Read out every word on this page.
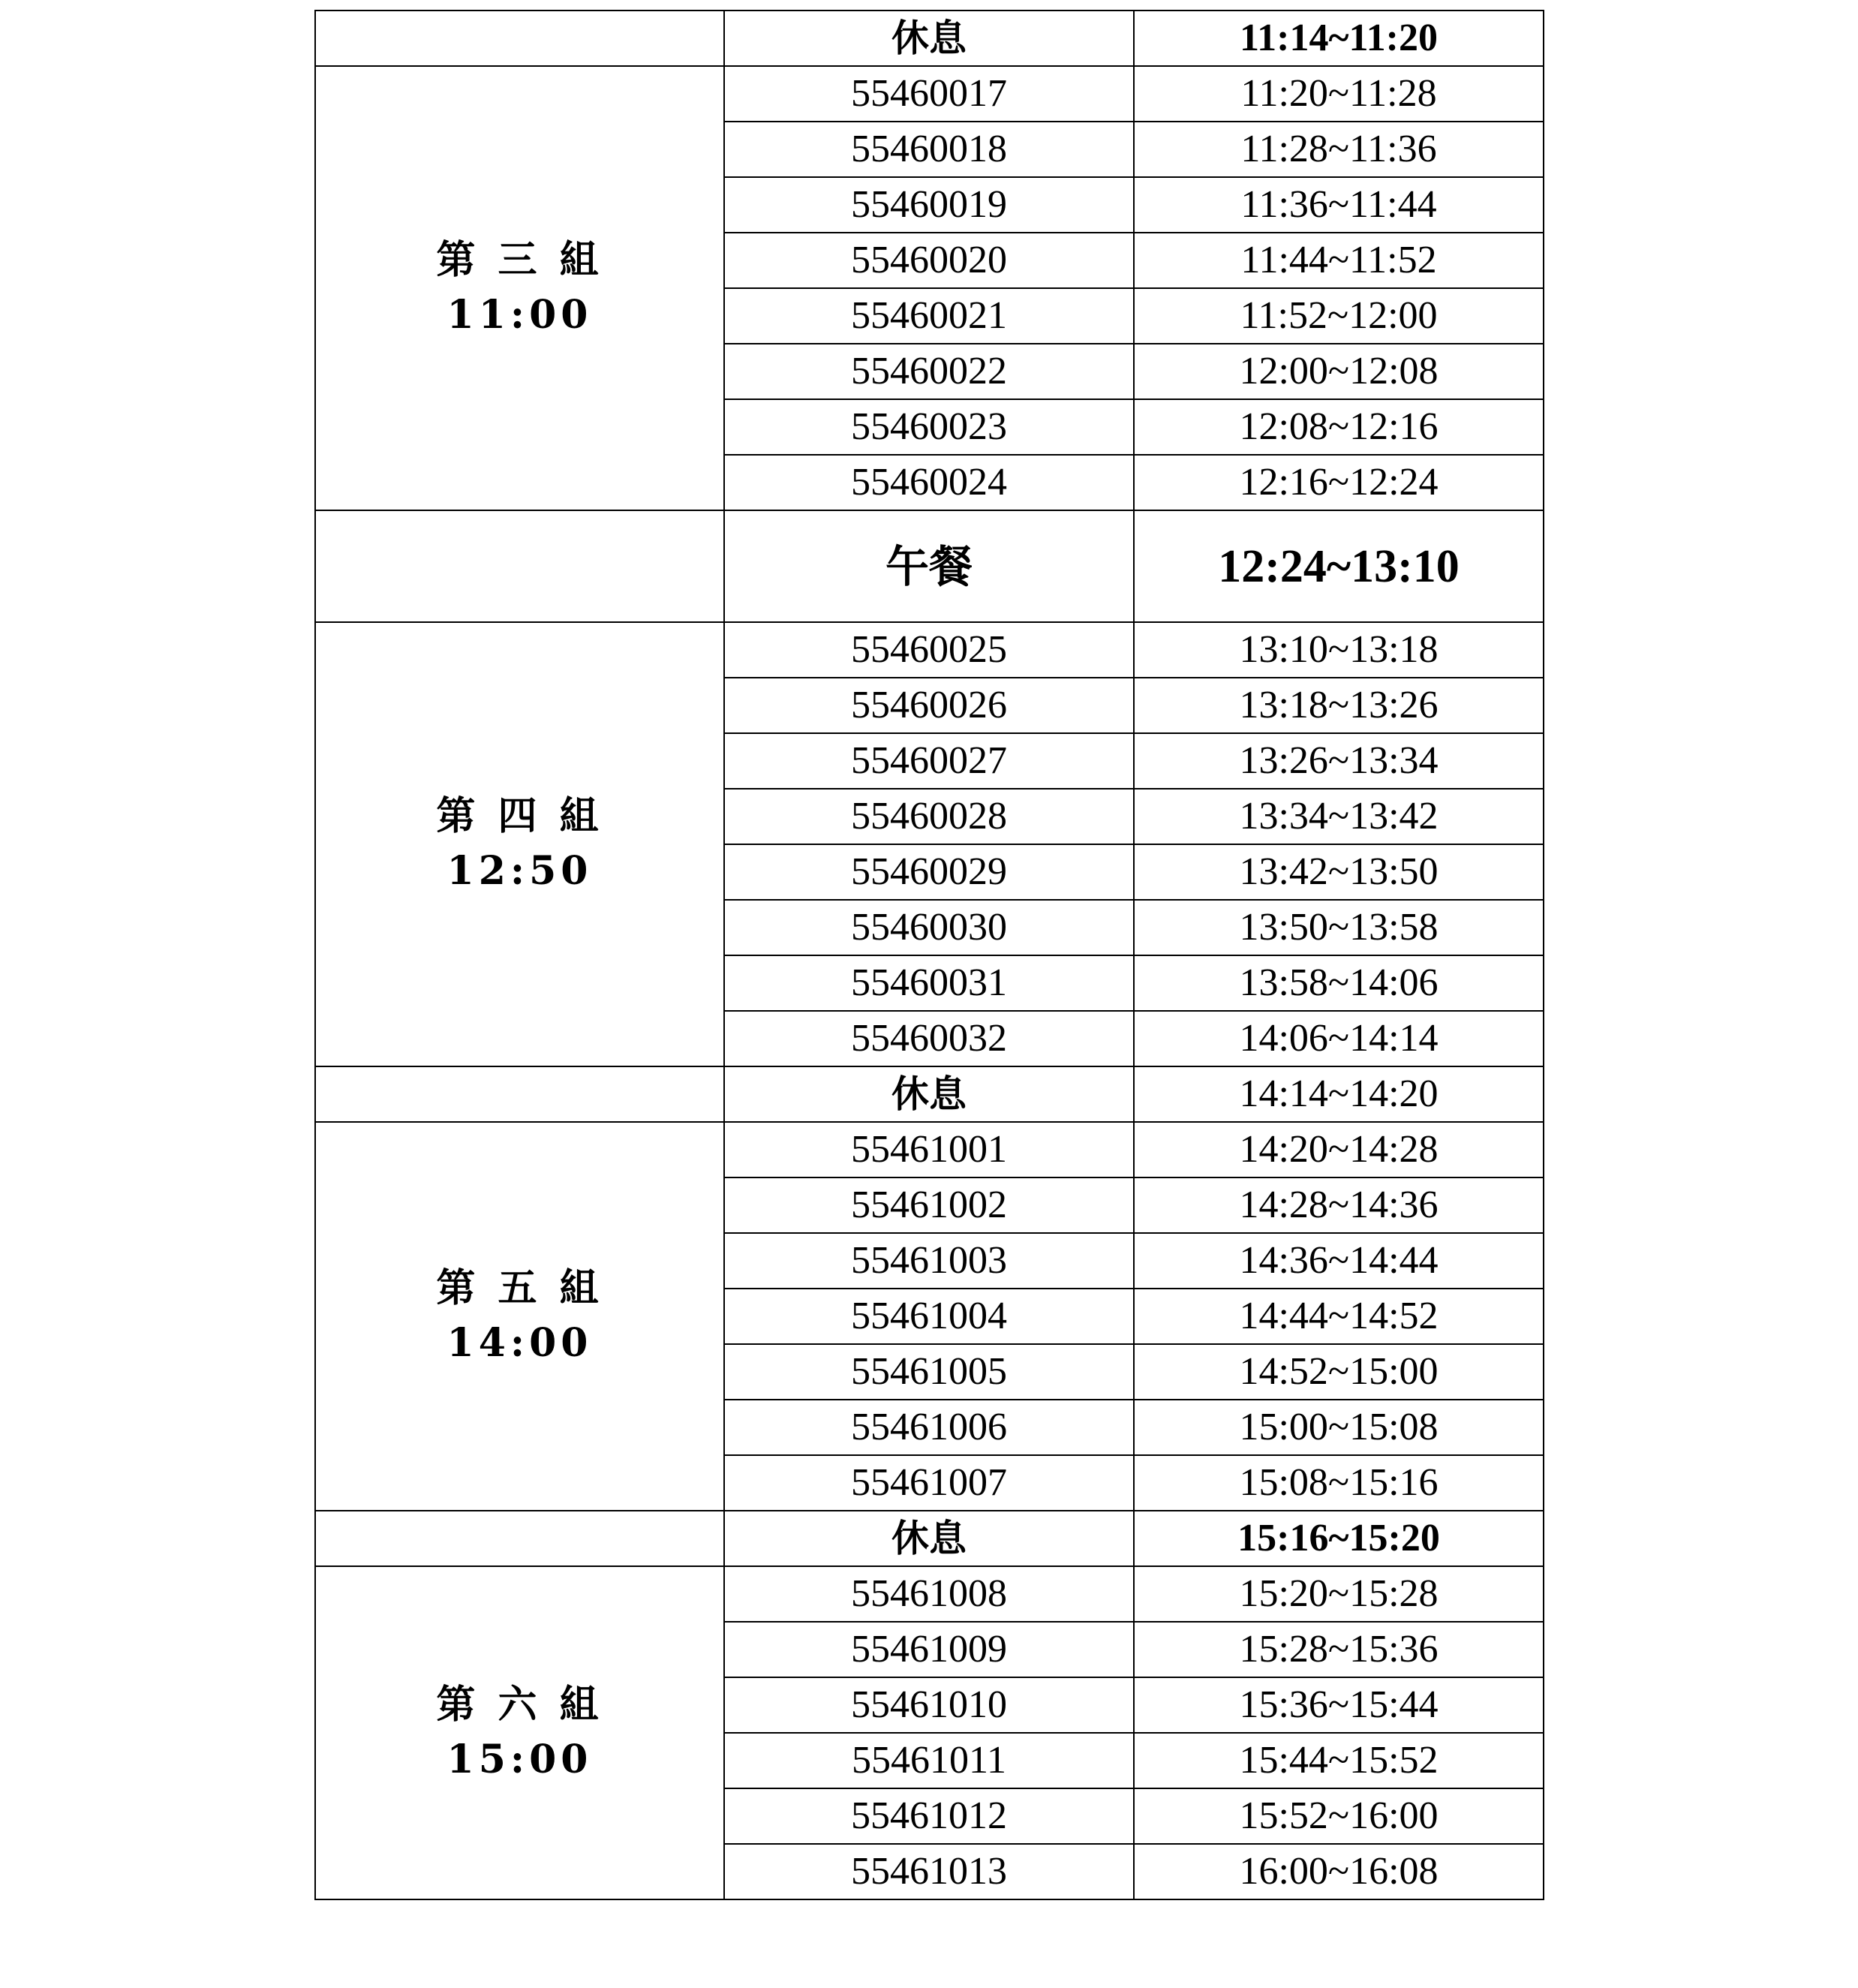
	休息	11:14~11:20

第 三 組
11:00	55460017	11:20~11:28
	55460018	11:28~11:36
	55460019	11:36~11:44
	55460020	11:44~11:52
	55460021	11:52~12:00
	55460022	12:00~12:08
	55460023	12:08~12:16
	55460024	12:16~12:24
	午餐	12:24~13:10

第 四 組
12:50	55460025	13:10~13:18
	55460026	13:18~13:26
	55460027	13:26~13:34
	55460028	13:34~13:42
	55460029	13:42~13:50
	55460030	13:50~13:58
	55460031	13:58~14:06
	55460032	14:06~14:14
	休息	14:14~14:20

第 五 組
14:00	55461001	14:20~14:28
	55461002	14:28~14:36
	55461003	14:36~14:44
	55461004	14:44~14:52
	55461005	14:52~15:00
	55461006	15:00~15:08
	55461007	15:08~15:16
	休息	15:16~15:20

第 六 組
15:00	55461008	15:20~15:28
	55461009	15:28~15:36
	55461010	15:36~15:44
	55461011	15:44~15:52
	55461012	15:52~16:00
	55461013	16:00~16:08
